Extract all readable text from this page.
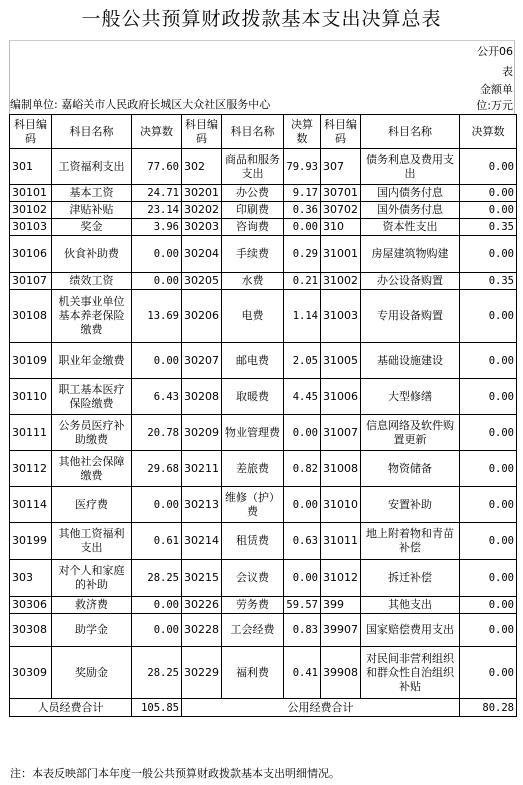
一般公共预算财政拨款基本支出决算总表
公开06表
编制单位: 嘉峪关市人民政府长城区大众社区服务中心
金额单位:万元
科目编码	科目名称	决算数	科目编码	科目名称	决算数	科目编码	科目名称	决算数
301	工资福利支出	77.60	302	商品和服务支出	79.93	307	债务利息及费用支出	0.00
30101	基本工资	24.71	30201	办公费	9.17	30701	国内债务付息	0.00
30102	津贴补贴	23.14	30202	印刷费	0.36	30702	国外债务付息	0.00
30103	奖金	3.96	30203	咨询费	0.00	310	资本性支出	0.35
30106	伙食补助费	0.00	30204	手续费	0.29	31001	房屋建筑物购建	0.00
30107	绩效工资	0.00	30205	水费	0.21	31002	办公设备购置	0.35
30108	机关事业单位基本养老保险缴费	13.69	30206	电费	1.14	31003	专用设备购置	0.00
30109	职业年金缴费	0.00	30207	邮电费	2.05	31005	基础设施建设	0.00
30110	职工基本医疗保险缴费	6.43	30208	取暖费	4.45	31006	大型修缮	0.00
30111	公务员医疗补助缴费	20.78	30209	物业管理费	0.00	31007	信息网络及软件购置更新	0.00
30112	其他社会保障缴费	29.68	30211	差旅费	0.82	31008	物资储备	0.00
30114	医疗费	0.00	30213	维修（护）费	0.00	31010	安置补助	0.00
30199	其他工资福利支出	0.61	30214	租赁费	0.63	31011	地上附着物和青苗补偿	0.00
303	对个人和家庭的补助	28.25	30215	会议费	0.00	31012	拆迁补偿	0.00
30306	救济费	0.00	30226	劳务费	59.57	399	其他支出	0.00
30308	助学金	0.00	30228	工会经费	0.83	39907	国家赔偿费用支出	0.00
30309	奖励金	28.25	30229	福利费	0.41	39908	对民间非营利组织和群众性自治组织补贴	0.00
人员经费合计		105.85	公用经费合计					80.28
注：本表反映部门本年度一般公共预算财政拨款基本支出明细情况。
